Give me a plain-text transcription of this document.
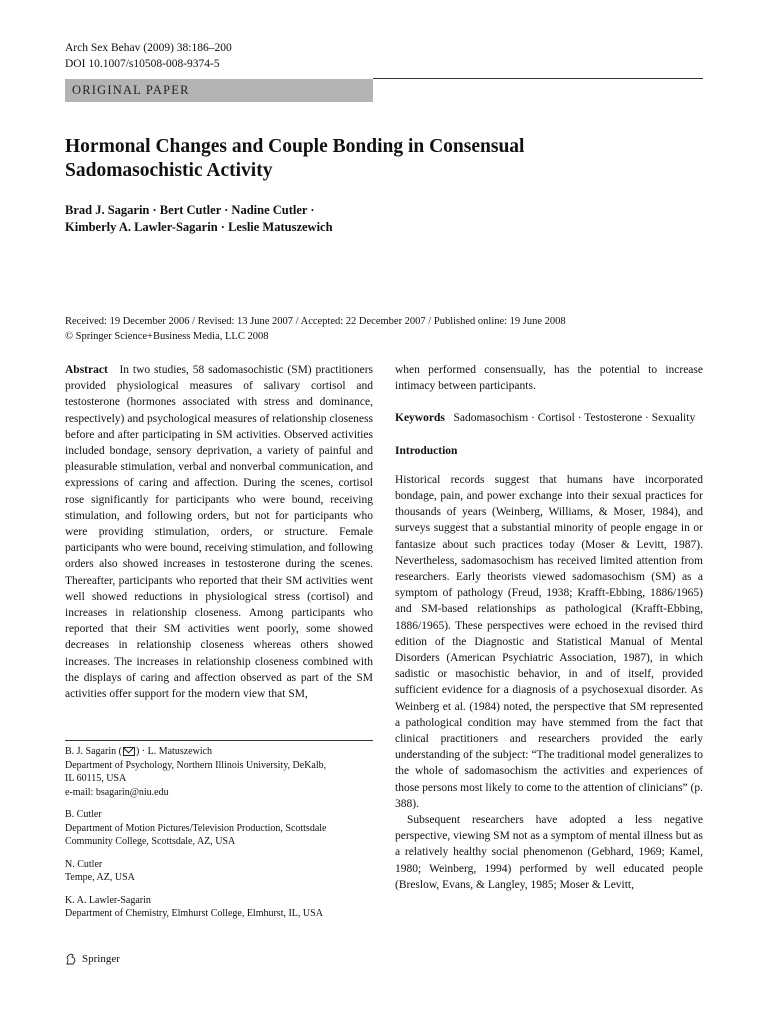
Arch Sex Behav (2009) 38:186–200
DOI 10.1007/s10508-008-9374-5
ORIGINAL PAPER
Hormonal Changes and Couple Bonding in Consensual
Sadomasochistic Activity
Brad J. Sagarin · Bert Cutler · Nadine Cutler ·
Kimberly A. Lawler-Sagarin · Leslie Matuszewich
Received: 19 December 2006 / Revised: 13 June 2007 / Accepted: 22 December 2007 / Published online: 19 June 2008
© Springer Science+Business Media, LLC 2008

Abstract In two studies, 58 sadomasochistic (SM) practitioners provided physiological measures of salivary cortisol and testosterone (hormones associated with stress and dominance, respectively) and psychological measures of relationship closeness before and after participating in SM activities. Observed activities included bondage, sensory deprivation, a variety of painful and pleasurable stimulation, verbal and nonverbal communication, and expressions of caring and affection. During the scenes, cortisol rose significantly for participants who were bound, receiving stimulation, and following orders, but not for participants who were providing stimulation, orders, or structure. Female participants who were bound, receiving stimulation, and following orders also showed increases in testosterone during the scenes. Thereafter, participants who reported that their SM activities went well showed reductions in physiological stress (cortisol) and increases in relationship closeness. Among participants who reported that their SM activities went poorly, some showed decreases in relationship closeness whereas others showed increases. The increases in relationship closeness combined with the displays of caring and affection observed as part of the SM activities offer support for the modern view that SM,

B. J. Sagarin ( ) · L. Matuszewich
Department of Psychology, Northern Illinois University, DeKalb,
IL 60115, USA
e-mail: bsagarin@niu.edu
B. Cutler
Department of Motion Pictures/Television Production, Scottsdale
Community College, Scottsdale, AZ, USA
N. Cutler
Tempe, AZ, USA
K. A. Lawler-Sagarin
Department of Chemistry, Elmhurst College, Elmhurst, IL, USA

when performed consensually, has the potential to increase intimacy between participants.

Keywords Sadomasochism · Cortisol · Testosterone · Sexuality

Introduction

Historical records suggest that humans have incorporated bondage, pain, and power exchange into their sexual practices for thousands of years (Weinberg, Williams, & Moser, 1984), and surveys suggest that a substantial minority of people engage in or fantasize about such practices today (Moser & Levitt, 1987). Nevertheless, sadomasochism has received limited attention from researchers. Early theorists viewed sadomasochism (SM) as a symptom of pathology (Freud, 1938; Krafft-Ebbing, 1886/1965) and SM-based relationships as pathological (Krafft-Ebbing, 1886/1965). These perspectives were echoed in the revised third edition of the Diagnostic and Statistical Manual of Mental Disorders (American Psychiatric Association, 1987), in which sadistic or masochistic behavior, in and of itself, provided sufficient evidence for a diagnosis of a psychosexual disorder. As Weinberg et al. (1984) noted, the perspective that SM represented a pathological condition may have stemmed from the fact that clinical practitioners and researchers provided the early understanding of the subject: “The traditional model generalizes to the whole of sadomasochism the activities and experiences of those persons most likely to come to the attention of clinicians” (p. 388).

Subsequent researchers have adopted a less negative perspective, viewing SM not as a symptom of mental illness but as a relatively healthy social phenomenon (Gebhard, 1969; Kamel, 1980; Weinberg, 1994) performed by well educated people (Breslow, Evans, & Langley, 1985; Moser & Levitt,

Springer
